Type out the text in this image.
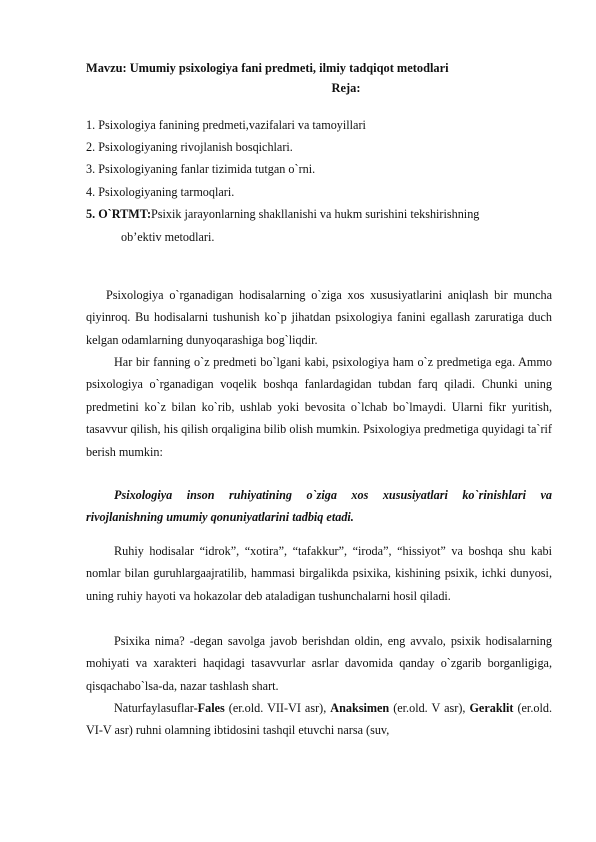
Mavzu: Umumiy psixologiya fani predmeti, ilmiy tadqiqot metodlari
Reja:
1. Psixologiya fanining predmeti,vazifalari va tamoyillari
2. Psixologiyaning rivojlanish bosqichlari.
3. Psixologiyaning fanlar tizimida tutgan o`rni.
4. Psixologiyaning tarmoqlari.
5. O`RTMT:Psixik jarayonlarning shakllanishi va hukm surishini tekshirishning
ob’ektiv metodlari.

Psixologiya o`rganadigan hodisalarning o`ziga xos xususiyatlarini aniqlash bir muncha qiyinroq. Bu hodisalarni tushunish ko`p jihatdan psixologiya fanini egallash zaruratiga duch kelgan odamlarning dunyoqarashiga bog`liqdir.

Har bir fanning o`z predmeti bo`lgani kabi, psixologiya ham o`z predmetiga ega. Ammo psixologiya o`rganadigan voqelik boshqa fanlardagidan tubdan farq qiladi. Chunki uning predmetini ko`z bilan ko`rib, ushlab yoki bevosita o`lchab bo`lmaydi. Ularni fikr yuritish, tasavvur qilish, his qilish orqaligina bilib olish mumkin. Psixologiya predmetiga quyidagi ta`rif berish mumkin:

Psixologiya inson ruhiyatining o`ziga xos xususiyatlari ko`rinishlari va rivojlanishning umumiy qonuniyatlarini tadbiq etadi.

Ruhiy hodisalar “idrok”, “xotira”, “tafakkur”, “iroda”, “hissiyot” va boshqa shu kabi nomlar bilan guruhlargaajratilib, hammasi birgalikda psixika, kishining psixik, ichki dunyosi, uning ruhiy hayoti va hokazolar deb ataladigan tushunchalarni hosil qiladi.

Psixika nima? -degan savolga javob berishdan oldin, eng avvalo, psixik hodisalarning mohiyati va xarakteri haqidagi tasavvurlar asrlar davomida qanday o`zgarib borganligiga, qisqachabo`lsa-da, nazar tashlash shart.

Naturfaylasuflar-Fales (er.old. VII-VI asr), Anaksimen (er.old. V asr), Geraklit (er.old. VI-V asr) ruhni olamning ibtidosini tashqil etuvchi narsa (suv,
